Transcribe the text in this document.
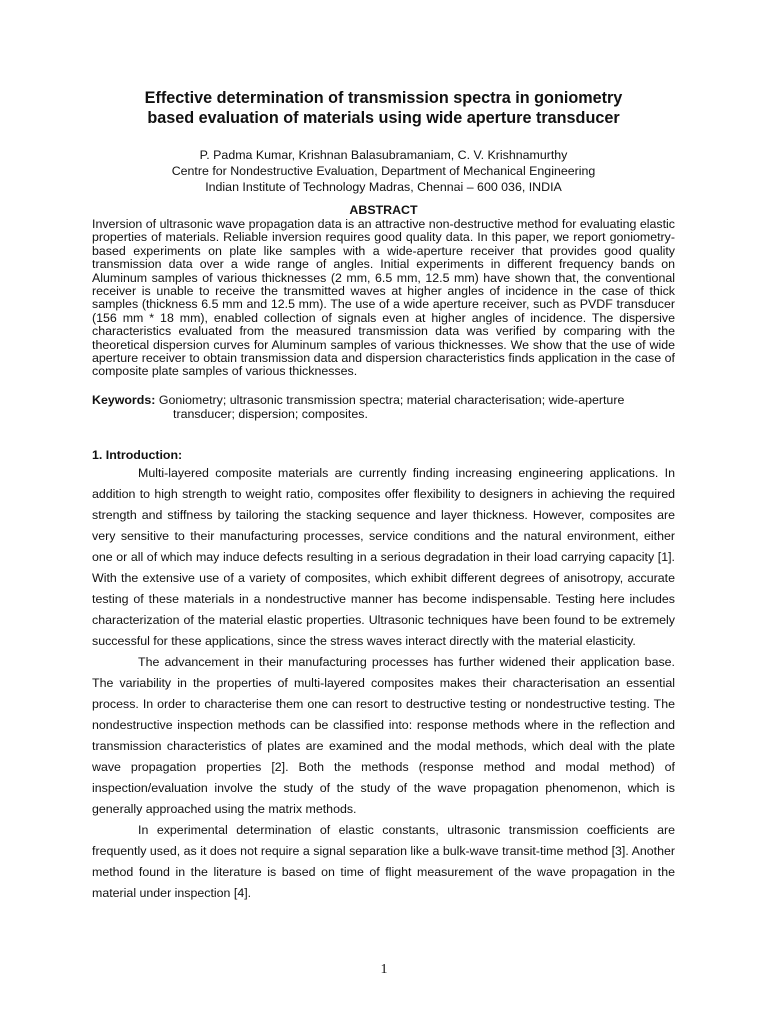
Effective determination of transmission spectra in goniometry
based evaluation of materials using wide aperture transducer
P. Padma Kumar, Krishnan Balasubramaniam, C. V. Krishnamurthy
Centre for Nondestructive Evaluation, Department of Mechanical Engineering
Indian Institute of Technology Madras, Chennai – 600 036, INDIA
ABSTRACT

Inversion of ultrasonic wave propagation data is an attractive non-destructive method for evaluating elastic properties of materials. Reliable inversion requires good quality data. In this paper, we report goniometry-based experiments on plate like samples with a wide-aperture receiver that provides good quality transmission data over a wide range of angles. Initial experiments in different frequency bands on Aluminum samples of various thicknesses (2 mm, 6.5 mm, 12.5 mm) have shown that, the conventional receiver is unable to receive the transmitted waves at higher angles of incidence in the case of thick samples (thickness 6.5 mm and 12.5 mm). The use of a wide aperture receiver, such as PVDF transducer (156 mm * 18 mm), enabled collection of signals even at higher angles of incidence. The dispersive characteristics evaluated from the measured transmission data was verified by comparing with the theoretical dispersion curves for Aluminum samples of various thicknesses. We show that the use of wide aperture receiver to obtain transmission data and dispersion characteristics finds application in the case of composite plate samples of various thicknesses.

Keywords: Goniometry; ultrasonic transmission spectra; material characterisation; wide-aperture
transducer; dispersion; composites.
1. Introduction:

Multi-layered composite materials are currently finding increasing engineering applications. In addition to high strength to weight ratio, composites offer flexibility to designers in achieving the required strength and stiffness by tailoring the stacking sequence and layer thickness. However, composites are very sensitive to their manufacturing processes, service conditions and the natural environment, either one or all of which may induce defects resulting in a serious degradation in their load carrying capacity [1]. With the extensive use of a variety of composites, which exhibit different degrees of anisotropy, accurate testing of these materials in a nondestructive manner has become indispensable. Testing here includes characterization of the material elastic properties. Ultrasonic techniques have been found to be extremely successful for these applications, since the stress waves interact directly with the material elasticity.

The advancement in their manufacturing processes has further widened their application base. The variability in the properties of multi-layered composites makes their characterisation an essential process. In order to characterise them one can resort to destructive testing or nondestructive testing. The nondestructive inspection methods can be classified into: response methods where in the reflection and transmission characteristics of plates are examined and the modal methods, which deal with the plate wave propagation properties [2]. Both the methods (response method and modal method) of inspection/evaluation involve the study of the study of the wave propagation phenomenon, which is generally approached using the matrix methods.

In experimental determination of elastic constants, ultrasonic transmission coefficients are frequently used, as it does not require a signal separation like a bulk-wave transit-time method [3]. Another method found in the literature is based on time of flight measurement of the wave propagation in the material under inspection [4].

1
